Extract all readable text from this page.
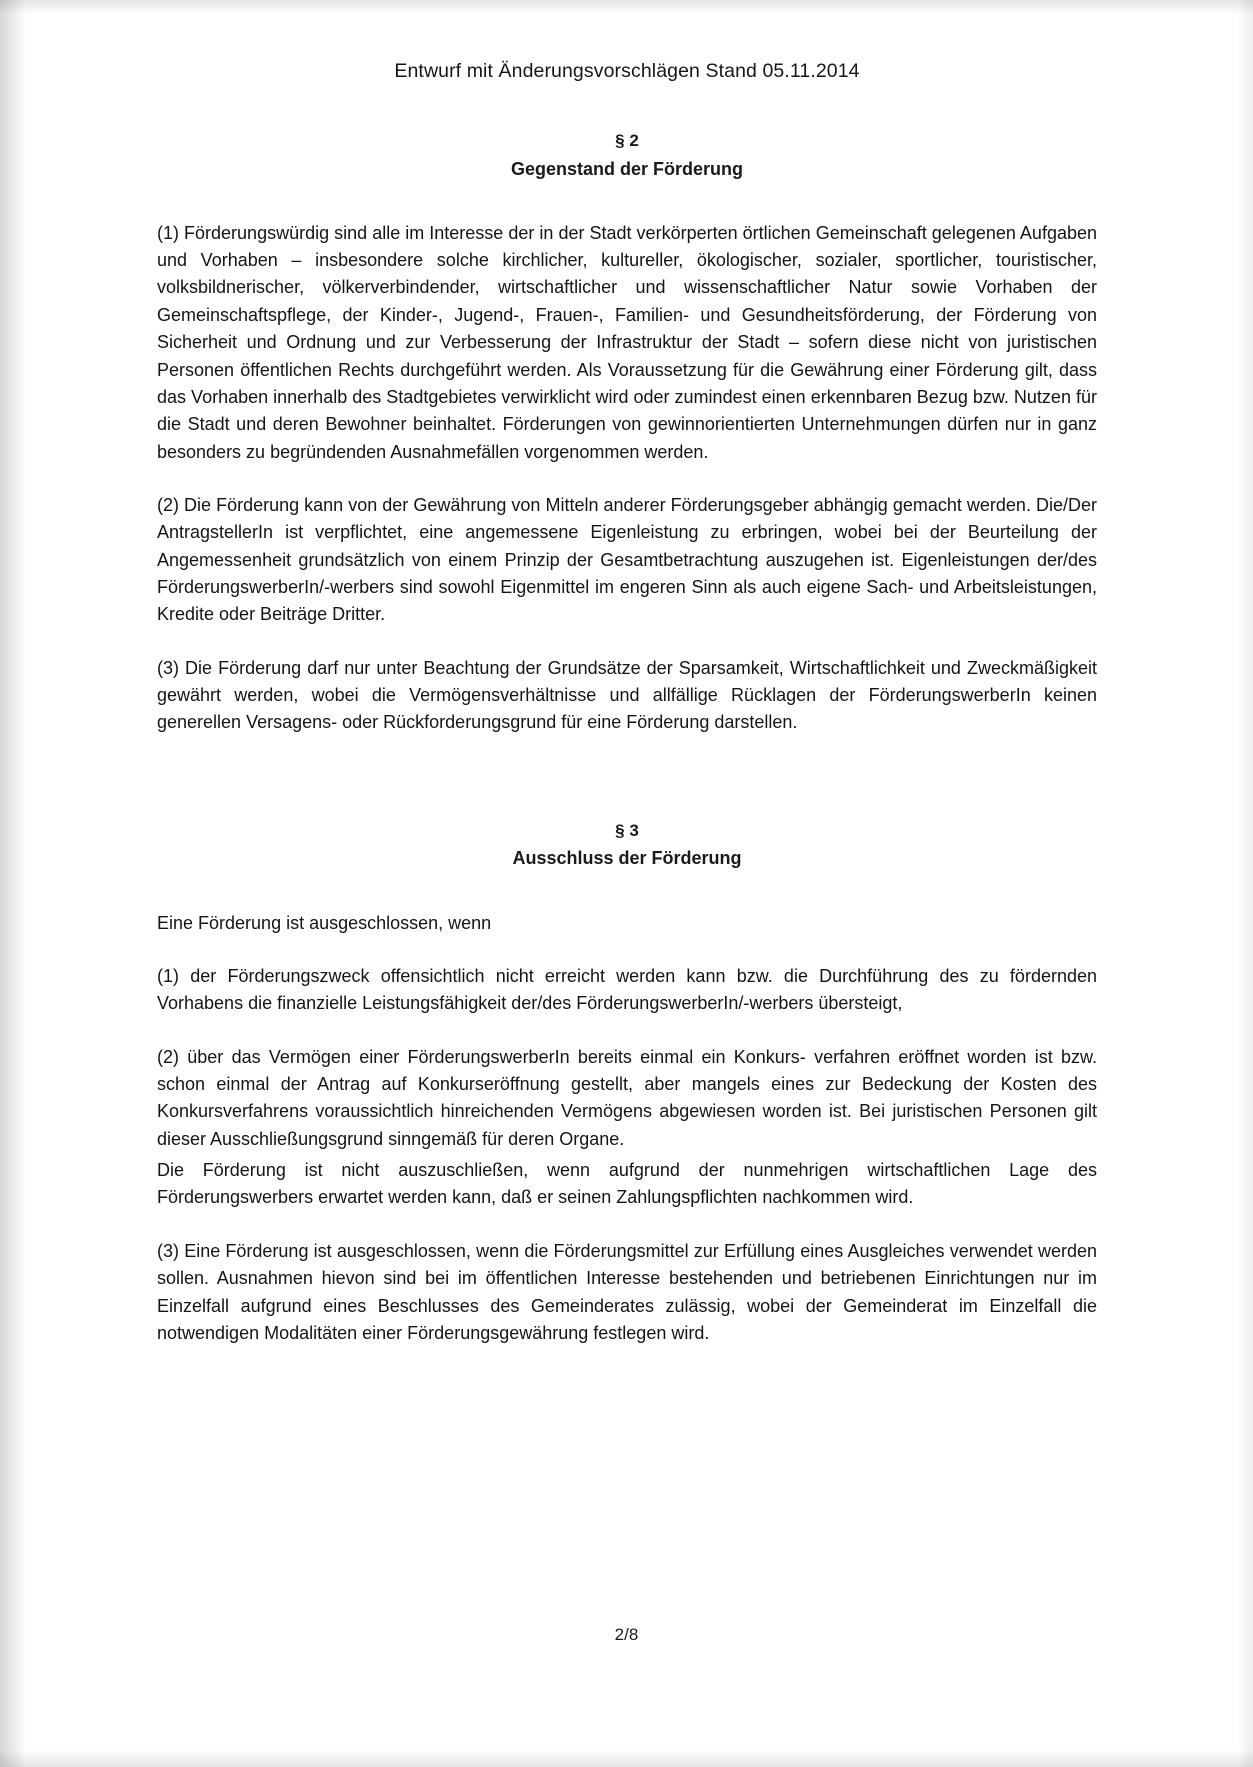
Entwurf mit Änderungsvorschlägen Stand 05.11.2014
§ 2
Gegenstand der Förderung

(1) Förderungswürdig sind alle im Interesse der in der Stadt verkörperten örtlichen Gemeinschaft gelegenen Aufgaben und Vorhaben – insbesondere solche kirchlicher, kultureller, ökologischer, sozialer, sportlicher, touristischer, volksbildnerischer, völkerverbindender, wirtschaftlicher und wissenschaftlicher Natur sowie Vorhaben der Gemeinschaftspflege, der Kinder-, Jugend-, Frauen-, Familien- und Gesundheitsförderung, der Förderung von Sicherheit und Ordnung und zur Verbesserung der Infrastruktur der Stadt – sofern diese nicht von juristischen Personen öffentlichen Rechts durchgeführt werden. Als Voraussetzung für die Gewährung einer Förderung gilt, dass das Vorhaben innerhalb des Stadtgebietes verwirklicht wird oder zumindest einen erkennbaren Bezug bzw. Nutzen für die Stadt und deren Bewohner beinhaltet. Förderungen von gewinnorientierten Unternehmungen dürfen nur in ganz besonders zu begründenden Ausnahmefällen vorgenommen werden.

(2) Die Förderung kann von der Gewährung von Mitteln anderer Förderungsgeber abhängig gemacht werden. Die/Der AntragstellerIn ist verpflichtet, eine angemessene Eigenleistung zu erbringen, wobei bei der Beurteilung der Angemessenheit grundsätzlich von einem Prinzip der Gesamtbetrachtung auszugehen ist. Eigenleistungen der/des FörderungswerberIn/-werbers sind sowohl Eigenmittel im engeren Sinn als auch eigene Sach- und Arbeitsleistungen, Kredite oder Beiträge Dritter.

(3) Die Förderung darf nur unter Beachtung der Grundsätze der Sparsamkeit, Wirtschaftlichkeit und Zweckmäßigkeit gewährt werden, wobei die Vermögensverhältnisse und allfällige Rücklagen der FörderungswerberIn keinen generellen Versagens- oder Rückforderungsgrund für eine Förderung darstellen.

§ 3
Ausschluss der Förderung

Eine Förderung ist ausgeschlossen, wenn

(1) der Förderungszweck offensichtlich nicht erreicht werden kann bzw. die Durchführung des zu fördernden Vorhabens die finanzielle Leistungsfähigkeit der/des FörderungswerberIn/-werbers übersteigt,

(2) über das Vermögen einer FörderungswerberIn bereits einmal ein Konkurs- verfahren eröffnet worden ist bzw. schon einmal der Antrag auf Konkurseröffnung gestellt, aber mangels eines zur Bedeckung der Kosten des Konkursverfahrens voraussichtlich hinreichenden Vermögens abgewiesen worden ist. Bei juristischen Personen gilt dieser Ausschließungsgrund sinngemäß für deren Organe.

Die Förderung ist nicht auszuschließen, wenn aufgrund der nunmehrigen wirtschaftlichen Lage des Förderungswerbers erwartet werden kann, daß er seinen Zahlungspflichten nachkommen wird.

(3) Eine Förderung ist ausgeschlossen, wenn die Förderungsmittel zur Erfüllung eines Ausgleiches verwendet werden sollen. Ausnahmen hievon sind bei im öffentlichen Interesse bestehenden und betriebenen Einrichtungen nur im Einzelfall aufgrund eines Beschlusses des Gemeinderates zulässig, wobei der Gemeinderat im Einzelfall die notwendigen Modalitäten einer Förderungsgewährung festlegen wird.

2/8
